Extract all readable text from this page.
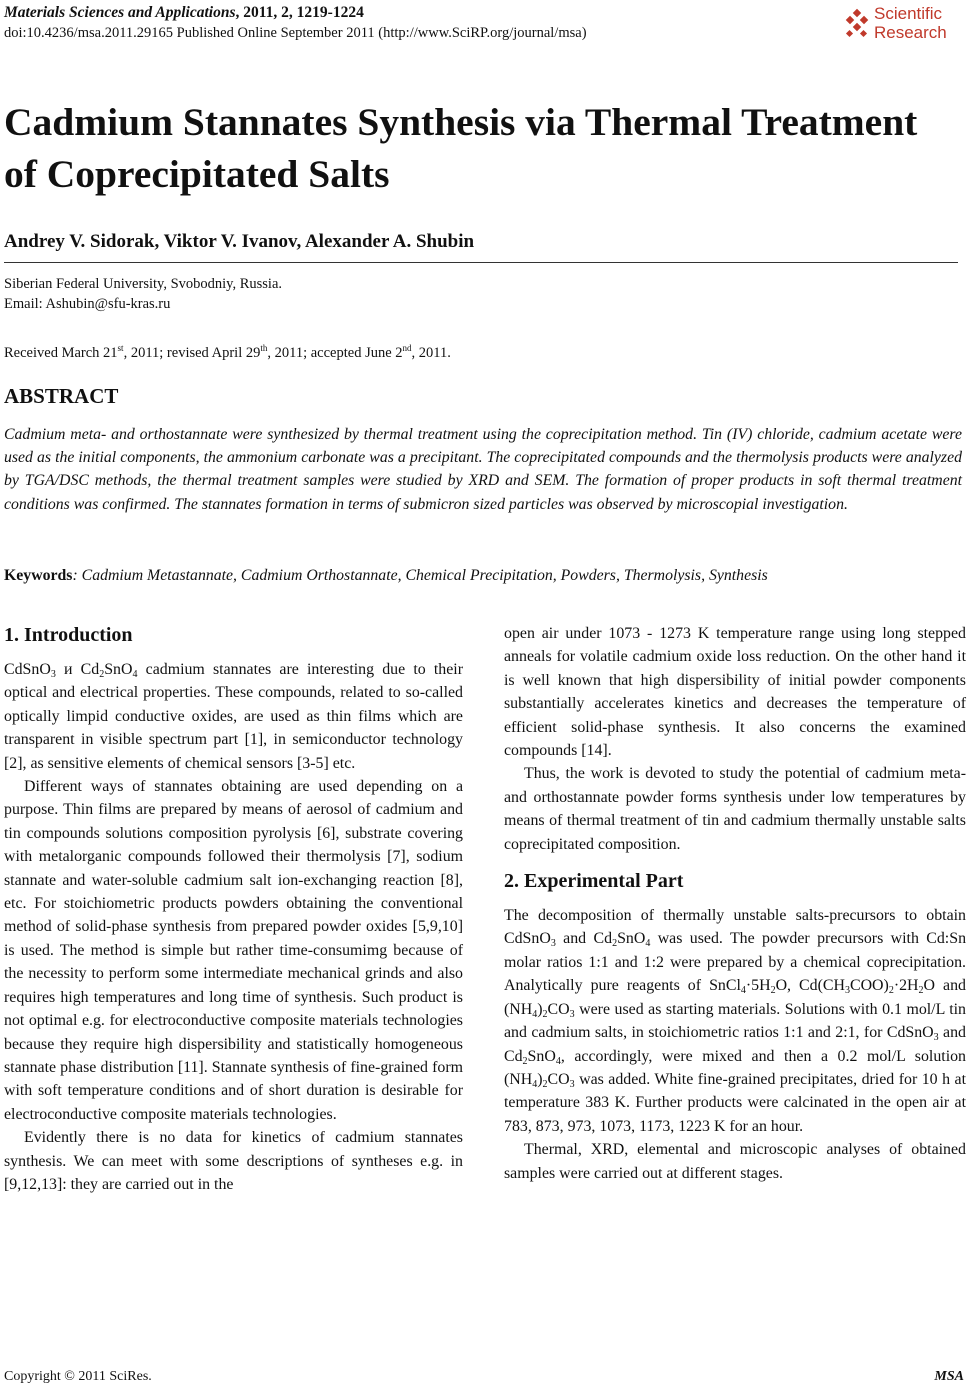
Materials Sciences and Applications, 2011, 2, 1219-1224
doi:10.4236/msa.2011.29165 Published Online September 2011 (http://www.SciRP.org/journal/msa)
Scientific
Research
Cadmium Stannates Synthesis via Thermal Treatment of Coprecipitated Salts
Andrey V. Sidorak, Viktor V. Ivanov, Alexander A. Shubin
Siberian Federal University, Svobodniy, Russia.
Email: Ashubin@sfu-kras.ru
Received March 21st, 2011; revised April 29th, 2011; accepted June 2nd, 2011.
ABSTRACT
Cadmium meta- and orthostannate were synthesized by thermal treatment using the coprecipitation method. Tin (IV) chloride, cadmium acetate were used as the initial components, the ammonium carbonate was a precipitant. The coprecipitated compounds and the thermolysis products were analyzed by TGA/DSC methods, the thermal treatment samples were studied by XRD and SEM. The formation of proper products in soft thermal treatment conditions was confirmed. The stannates formation in terms of submicron sized particles was observed by microscopial investigation.
Keywords: Cadmium Metastannate, Cadmium Orthostannate, Chemical Precipitation, Powders, Thermolysis, Synthesis
1. Introduction

CdSnO$_3$ и $Cd_2SnO_4$ cadmium stannates are interesting due to their optical and electrical properties. These compounds, related to so-called optically limpid conductive oxides, are used as thin films which are transparent in visible spectrum part [1], in semiconductor technology [2], as sensitive elements of chemical sensors [3-5] etc.

Different ways of stannates obtaining are used depending on a purpose. Thin films are prepared by means of aerosol of cadmium and tin compounds solutions composition pyrolysis [6], substrate covering with metalorganic compounds followed their thermolysis [7], sodium stannate and water-soluble cadmium salt ion-exchanging reaction [8], etc. For stoichiometric products powders obtaining the conventional method of solid-phase synthesis from prepared powder oxides [5,9,10] is used. The method is simple but rather time-consumimg because of the necessity to perform some intermediate mechanical grinds and also requires high temperatures and long time of synthesis. Such product is not optimal e.g. for electroconductive composite materials technologies because they require high dispersibility and statistically homogeneous stannate phase distribution [11]. Stannate synthesis of fine-grained form with soft temperature conditions and of short duration is desirable for electroconductive composite materials technologies.

Evidently there is no data for kinetics of cadmium stannates synthesis. We can meet with some descriptions of syntheses e.g. in [9,12,13]: they are carried out in the

open air under 1073 - 1273 K temperature range using long stepped anneals for volatile cadmium oxide loss reduction. On the other hand it is well known that high dispersibility of initial powder components substantially accelerates kinetics and decreases the temperature of efficient solid-phase synthesis. It also concerns the examined compounds [14].

Thus, the work is devoted to study the potential of cadmium meta- and orthostannate powder forms synthesis under low temperatures by means of thermal treatment of tin and cadmium thermally unstable salts coprecipitated composition.

2. Experimental Part

The decomposition of thermally unstable salts-precursors to obtain CdSnO$_3$ and $Cd_2SnO_4$ was used. The powder precursors with Cd:Sn molar ratios 1:1 and 1:2 were prepared by a chemical coprecipitation. Analytically pure reagents of $SnCl_4\cdot 5H_2O$, $Cd(CH_3COO)_2\cdot 2H_2O$ and $(NH_4)_2CO_3$ were used as starting materials. Solutions with 0.1 mol/L tin and cadmium salts, in stoichiometric ratios 1:1 and 2:1, for CdSnO$_3$ and $Cd_2SnO_4$, accordingly, were mixed and then a 0.2 mol/L solution $(NH_4)_2CO_3$ was added. White fine-grained precipitates, dried for 10 h at temperature 383 K. Further products were calcinated in the open air at 783, 873, 973, 1073, 1173, 1223 K for an hour.

Thermal, XRD, elemental and microscopic analyses of obtained samples were carried out at different stages.

Copyright © 2011 SciRes.	MSA
